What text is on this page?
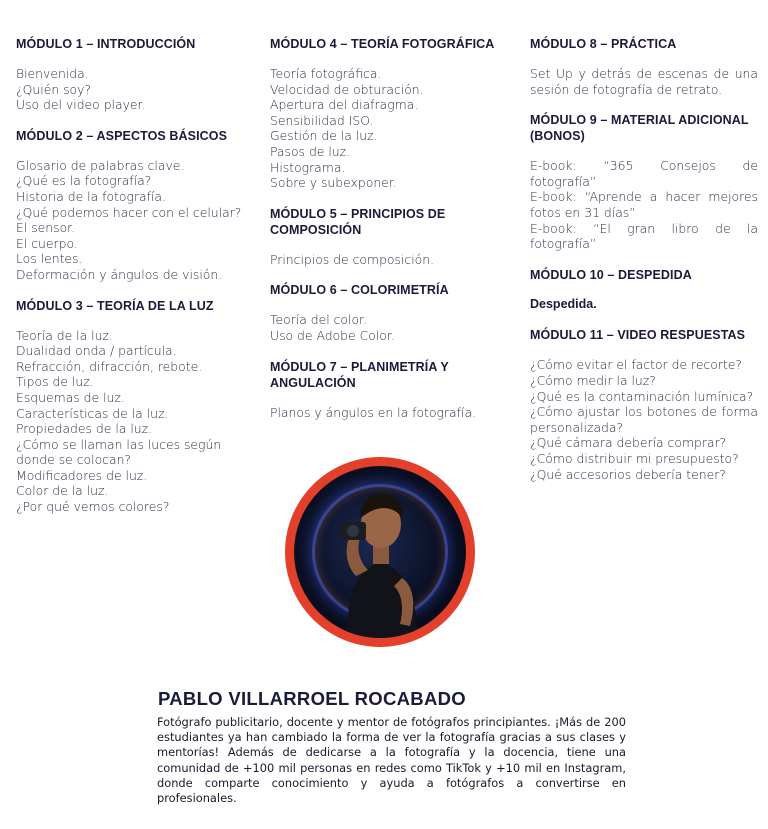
MÓDULO 1 – INTRODUCCIÓN
Bienvenida.
¿Quién soy?
Uso del video player.
MÓDULO 2 – ASPECTOS BÁSICOS
Glosario de palabras clave.
¿Qué es la fotografía?
Historia de la fotografía.
¿Qué podemos hacer con el celular?
El sensor.
El cuerpo.
Los lentes.
Deformación y ángulos de visión.
MÓDULO 3 – TEORÍA DE LA LUZ
Teoría de la luz.
Dualidad onda / partícula.
Refracción, difracción, rebote.
Tipos de luz.
Esquemas de luz.
Características de la luz.
Propiedades de la luz.
¿Cómo se llaman las luces según donde se colocan?
Modificadores de luz.
Color de la luz.
¿Por qué vemos colores?
MÓDULO 4 – TEORÍA FOTOGRÁFICA
Teoría fotográfica.
Velocidad de obturación.
Apertura del diafragma.
Sensibilidad ISO.
Gestión de la luz.
Pasos de luz.
Histograma.
Sobre y subexponer.
MÓDULO 5 – PRINCIPIOS DE COMPOSICIÓN
Principios de composición.
MÓDULO 6 – COLORIMETRÍA
Teoría del color.
Uso de Adobe Color.
MÓDULO 7 – PLANIMETRÍA Y ANGULACIÓN
Planos y ángulos en la fotografía.
MÓDULO 8 – PRÁCTICA
Set Up y detrás de escenas de una sesión de fotografía de retrato.
MÓDULO 9 – MATERIAL ADICIONAL (BONOS)
E-book: “365 Consejos de fotografía”
E-book: “Aprende a hacer mejores fotos en 31 días”
E-book: “El gran libro de la fotografía”
MÓDULO 10 – DESPEDIDA
Despedida.
MÓDULO 11 – VIDEO RESPUESTAS
¿Cómo evitar el factor de recorte?
¿Cómo medir la luz?
¿Qué es la contaminación lumínica?
¿Cómo ajustar los botones de forma personalizada?
¿Qué cámara debería comprar?
¿Cómo distribuir mi presupuesto?
¿Qué accesorios debería tener?
PABLO VILLARROEL ROCABADO
Fotógrafo publicitario, docente y mentor de fotógrafos principiantes. ¡Más de 200 estudiantes ya han cambiado la forma de ver la fotografía gracias a sus clases y mentorías! Además de dedicarse a la fotografía y la docencia, tiene una comunidad de +100 mil personas en redes como TikTok y +10 mil en Instagram, donde comparte conocimiento y ayuda a fotógrafos a convertirse en profesionales.
